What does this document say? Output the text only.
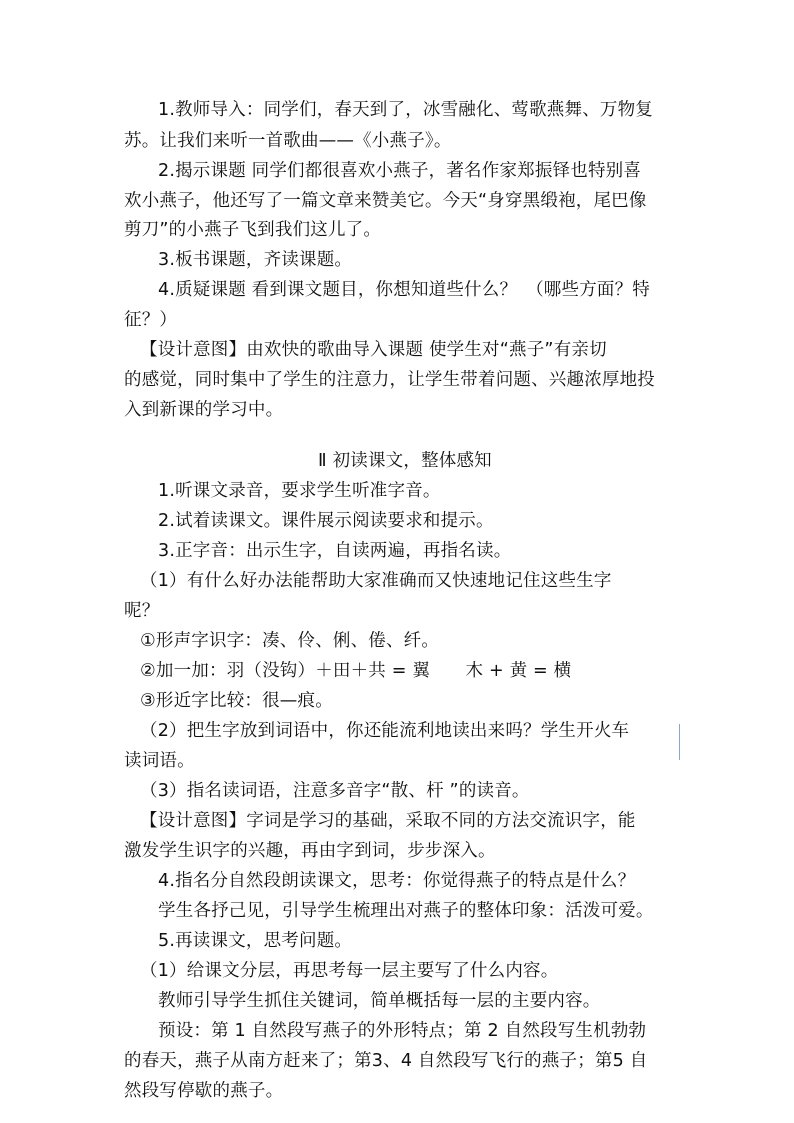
1.教师导入：同学们，春天到了，冰雪融化、莺歌燕舞、万物复
苏。让我们来听一首歌曲——《小燕子》。
2.揭示课题 同学们都很喜欢小燕子，著名作家郑振铎也特别喜
欢小燕子，他还写了一篇文章来赞美它。今天“身穿黑缎袍，尾巴像
剪刀”的小燕子飞到我们这儿了。
3.板书课题，齐读课题。
4.质疑课题 看到课文题目，你想知道些什么？　（哪些方面？特
征？）
【设计意图】由欢快的歌曲导入课题 使学生对“燕子”有亲切
的感觉，同时集中了学生的注意力，让学生带着问题、兴趣浓厚地投
入到新课的学习中。
Ⅱ 初读课文，整体感知
1.听课文录音，要求学生听准字音。
2.试着读课文。课件展示阅读要求和提示。
3.正字音：出示生字，自读两遍，再指名读。
（1）有什么好办法能帮助大家准确而又快速地记住这些生字
呢？
①形声字识字：凑、伶、俐、倦、纤。
②加一加：羽（没钩）＋田＋共 = 翼　　木 + 黄 = 横
③形近字比较：很—痕。
（2）把生字放到词语中，你还能流利地读出来吗？学生开火车
读词语。
（3）指名读词语，注意多音字“散、杆 ”的读音。
【设计意图】字词是学习的基础，采取不同的方法交流识字，能
激发学生识字的兴趣，再由字到词，步步深入。
4.指名分自然段朗读课文，思考：你觉得燕子的特点是什么？
学生各抒己见，引导学生梳理出对燕子的整体印象：活泼可爱。
5.再读课文，思考问题。
（1）给课文分层，再思考每一层主要写了什么内容。
教师引导学生抓住关键词，简单概括每一层的主要内容。
预设：第 1 自然段写燕子的外形特点；第 2 自然段写生机勃勃
的春天，燕子从南方赶来了；第3、4 自然段写飞行的燕子；第5 自
然段写停歇的燕子。
